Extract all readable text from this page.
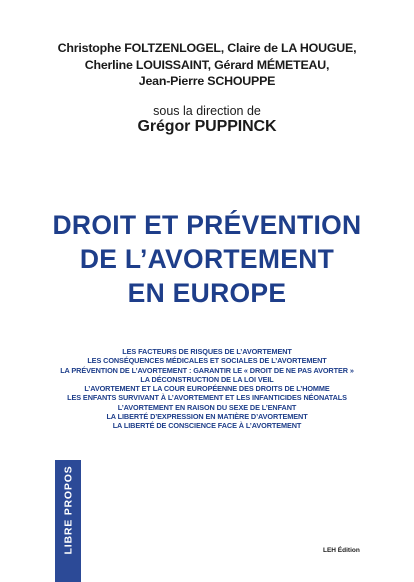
Christophe FOLTZENLOGEL, Claire de LA HOUGUE,
Cherline LOUISSAINT, Gérard MÉMETEAU,
Jean-Pierre SCHOUPPE
sous la direction de
Grégor PUPPINCK
DROIT ET PRÉVENTION
DE L’AVORTEMENT
EN EUROPE
LES FACTEURS DE RISQUES DE L’AVORTEMENT
LES CONSÉQUENCES MÉDICALES ET SOCIALES DE L’AVORTEMENT
LA PRÉVENTION DE L’AVORTEMENT : GARANTIR LE « DROIT DE NE PAS AVORTER »
LA DÉCONSTRUCTION DE LA LOI VEIL
L’AVORTEMENT ET LA COUR EUROPÉENNE DES DROITS DE L’HOMME
LES ENFANTS SURVIVANT À L’AVORTEMENT ET LES INFANTICIDES NÉONATALS
L’AVORTEMENT EN RAISON DU SEXE DE L’ENFANT
LA LIBERTÉ D’EXPRESSION EN MATIÈRE D’AVORTEMENT
LA LIBERTÉ DE CONSCIENCE FACE À L’AVORTEMENT
LIBRE PROPOS	LEH Édition
